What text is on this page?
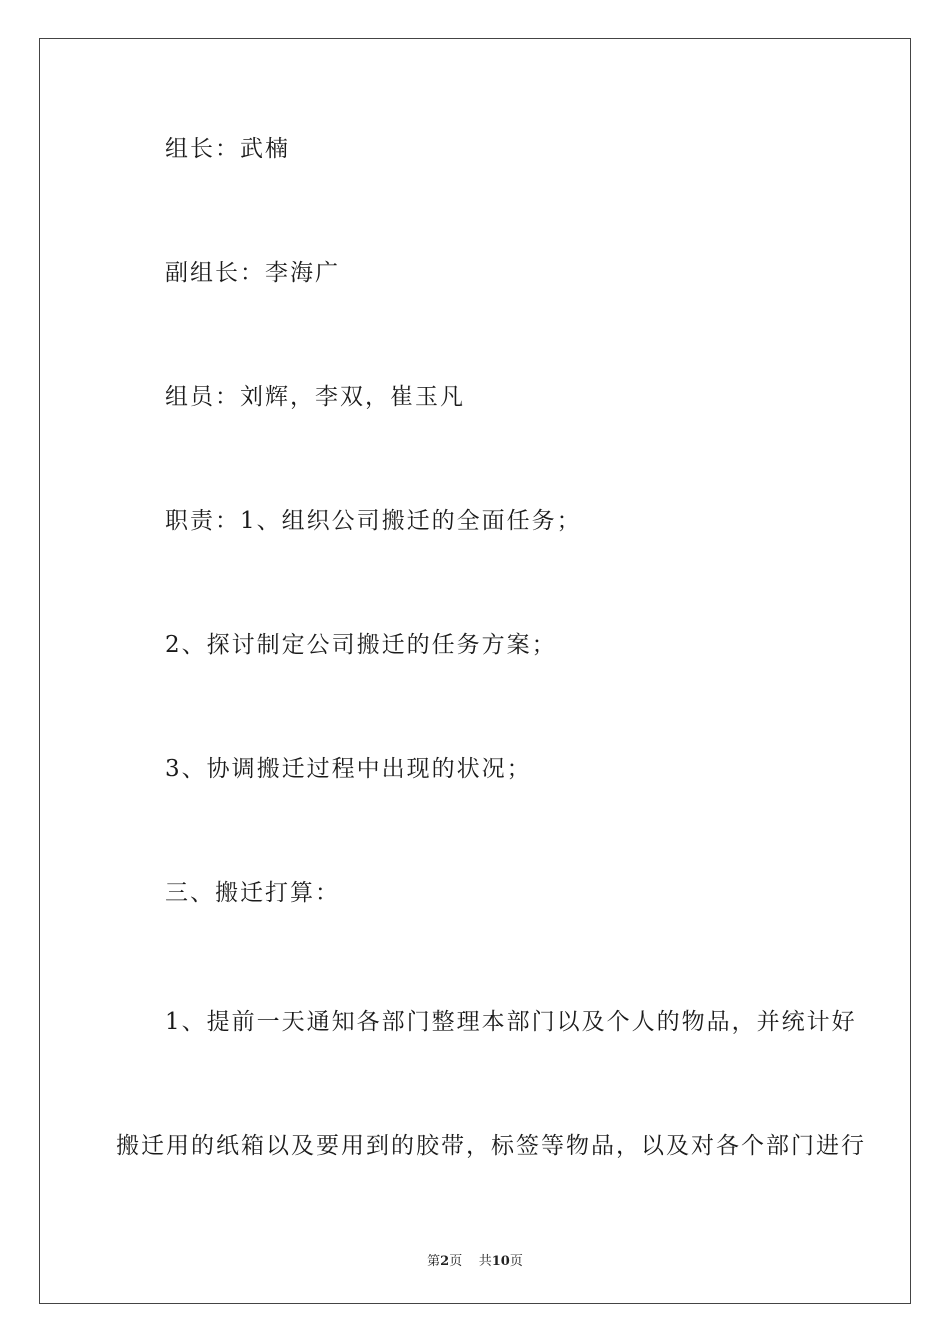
组长：武楠
副组长：李海广
组员：刘辉，李双，崔玉凡
职责：1、组织公司搬迁的全面任务；
2、探讨制定公司搬迁的任务方案；
3、协调搬迁过程中出现的状况；
三、搬迁打算：
1、提前一天通知各部门整理本部门以及个人的物品，并统计好
搬迁用的纸箱以及要用到的胶带，标签等物品，以及对各个部门进行
第2页 共10页
